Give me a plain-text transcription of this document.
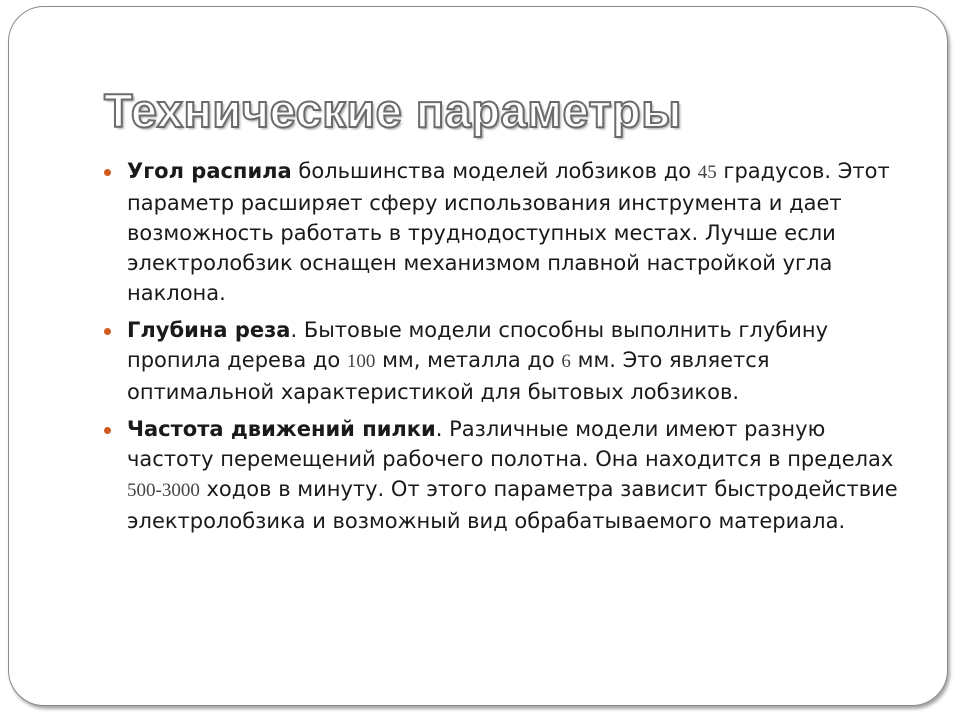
Технические параметры
Угол распила большинства моделей лобзиков до 45 градусов. Этот параметр расширяет сферу использования инструмента и дает возможность работать в труднодоступных местах. Лучше если электролобзик оснащен механизмом плавной настройкой угла наклона.
Глубина реза. Бытовые модели способны выполнить глубину пропила дерева до 100 мм, металла до 6 мм. Это является оптимальной характеристикой для бытовых лобзиков.
Частота движений пилки. Различные модели имеют разную частоту перемещений рабочего полотна. Она находится в пределах 500-3000 ходов в минуту. От этого параметра зависит быстродействие электролобзика и возможный вид обрабатываемого материала.
